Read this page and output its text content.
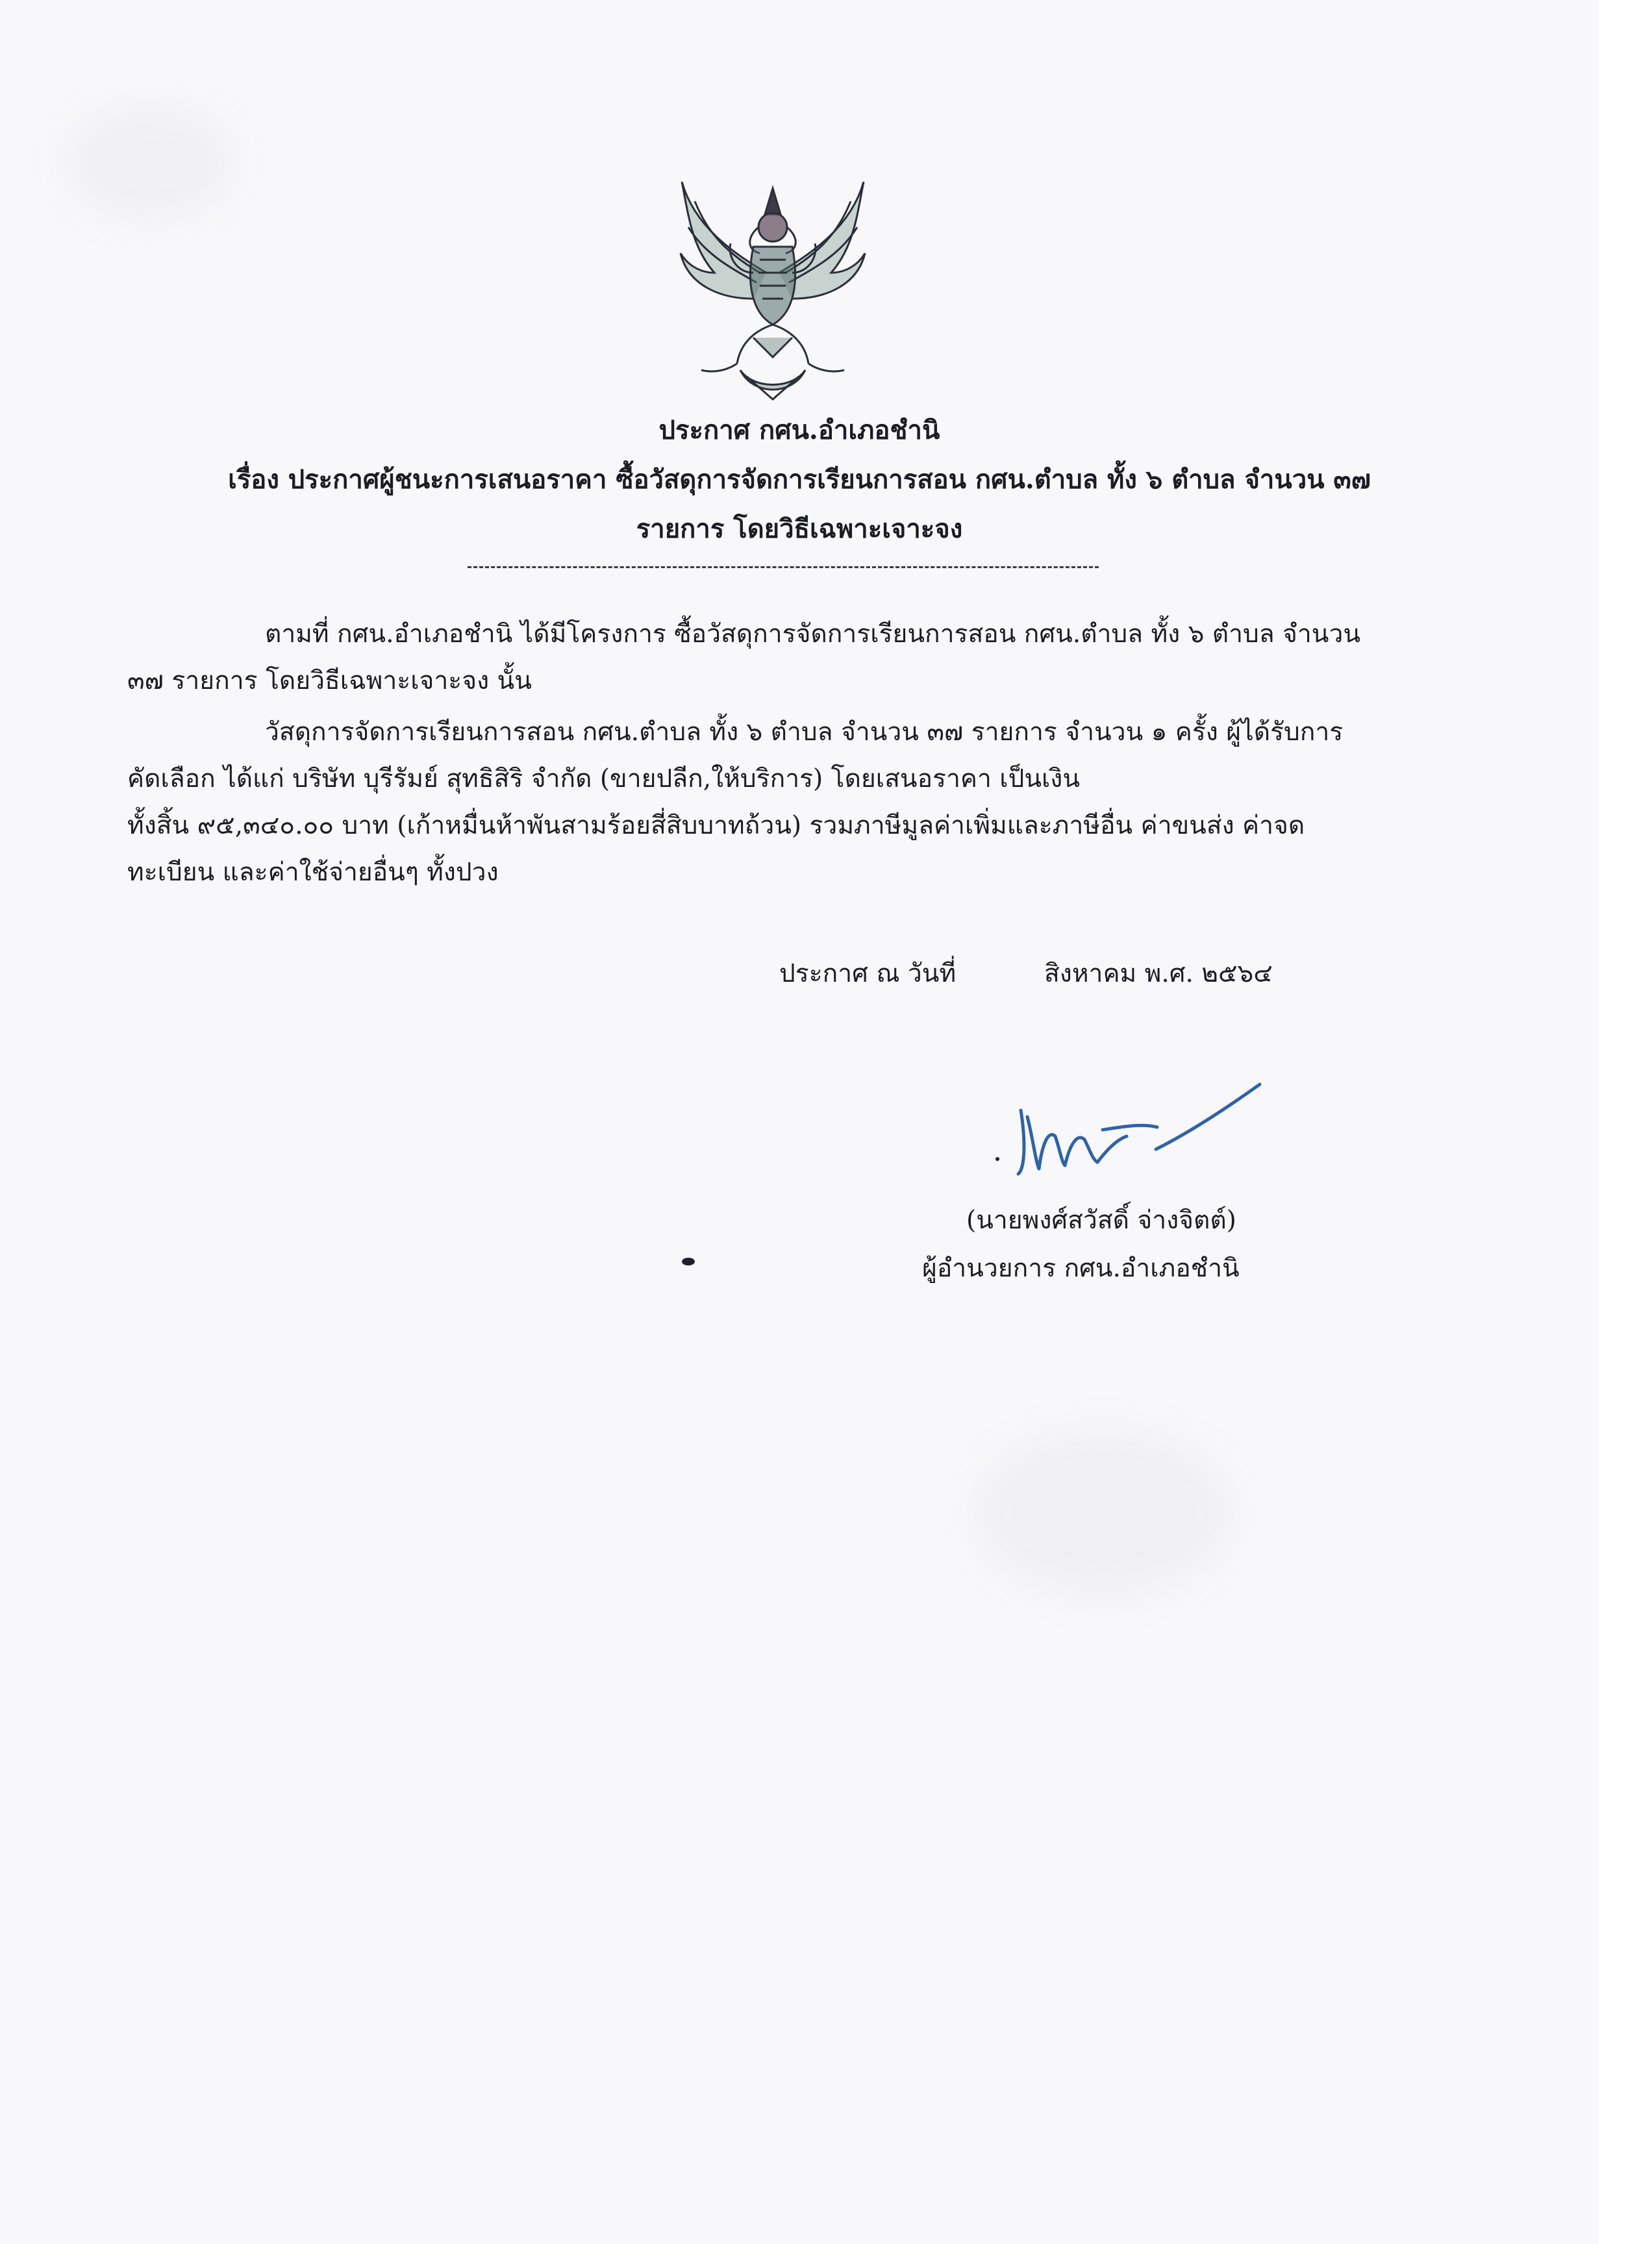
ประกาศ กศน.อำเภอชำนิ
เรื่อง ประกาศผู้ชนะการเสนอราคา ซื้อวัสดุการจัดการเรียนการสอน กศน.ตำบล ทั้ง ๖ ตำบล จำนวน ๓๗
รายการ โดยวิธีเฉพาะเจาะจง
ตามที่ กศน.อำเภอชำนิ ได้มีโครงการ ซื้อวัสดุการจัดการเรียนการสอน กศน.ตำบล ทั้ง ๖ ตำบล จำนวน
๓๗ รายการ โดยวิธีเฉพาะเจาะจง นั้น
วัสดุการจัดการเรียนการสอน กศน.ตำบล ทั้ง ๖ ตำบล จำนวน ๓๗ รายการ จำนวน ๑ ครั้ง ผู้ได้รับการ
คัดเลือก ได้แก่ บริษัท บุรีรัมย์ สุทธิสิริ จำกัด (ขายปลีก,ให้บริการ) โดยเสนอราคา เป็นเงิน
ทั้งสิ้น ๙๕,๓๔๐.๐๐ บาท (เก้าหมื่นห้าพันสามร้อยสี่สิบบาทถ้วน) รวมภาษีมูลค่าเพิ่มและภาษีอื่น ค่าขนส่ง ค่าจด
ทะเบียน และค่าใช้จ่ายอื่นๆ ทั้งปวง
ประกาศ ณ วันที่	สิงหาคม พ.ศ. ๒๕๖๔
(นายพงศ์สวัสดิ์ จ่างจิตต์)
ผู้อำนวยการ กศน.อำเภอชำนิ
